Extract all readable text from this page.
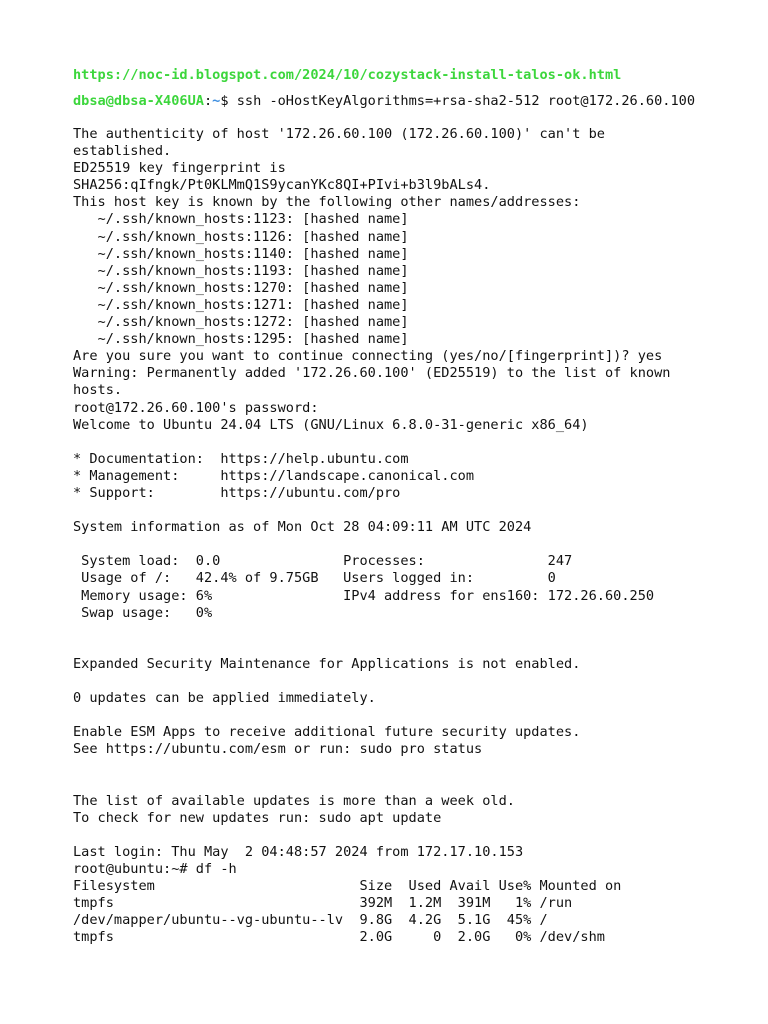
https://noc-id.blogspot.com/2024/10/cozystack-install-talos-ok.html
dbsa@dbsa-X406UA:~$ ssh -oHostKeyAlgorithms=+rsa-sha2-512 root@172.26.60.100
The authenticity of host '172.26.60.100 (172.26.60.100)' can't be
established.
ED25519 key fingerprint is
SHA256:qIfngk/Pt0KLMmQ1S9ycanYKc8QI+PIvi+b3l9bALs4.
This host key is known by the following other names/addresses:
~/.ssh/known_hosts:1123: [hashed name]
~/.ssh/known_hosts:1126: [hashed name]
~/.ssh/known_hosts:1140: [hashed name]
~/.ssh/known_hosts:1193: [hashed name]
~/.ssh/known_hosts:1270: [hashed name]
~/.ssh/known_hosts:1271: [hashed name]
~/.ssh/known_hosts:1272: [hashed name]
~/.ssh/known_hosts:1295: [hashed name]
Are you sure you want to continue connecting (yes/no/[fingerprint])? yes
Warning: Permanently added '172.26.60.100' (ED25519) to the list of known
hosts.
root@172.26.60.100's password:
Welcome to Ubuntu 24.04 LTS (GNU/Linux 6.8.0-31-generic x86_64)
* Documentation:  https://help.ubuntu.com
* Management:     https://landscape.canonical.com
* Support:        https://ubuntu.com/pro
System information as of Mon Oct 28 04:09:11 AM UTC 2024
System load:  0.0               Processes:               247
Usage of /:   42.4% of 9.75GB   Users logged in:         0
Memory usage: 6%                IPv4 address for ens160: 172.26.60.250
Swap usage:   0%
Expanded Security Maintenance for Applications is not enabled.
0 updates can be applied immediately.
Enable ESM Apps to receive additional future security updates.
See https://ubuntu.com/esm or run: sudo pro status
The list of available updates is more than a week old.
To check for new updates run: sudo apt update
Last login: Thu May  2 04:48:57 2024 from 172.17.10.153
root@ubuntu:~# df -h
Filesystem                         Size  Used Avail Use% Mounted on
tmpfs                              392M  1.2M  391M   1% /run
/dev/mapper/ubuntu--vg-ubuntu--lv  9.8G  4.2G  5.1G  45% /
tmpfs                              2.0G     0  2.0G   0% /dev/shm
